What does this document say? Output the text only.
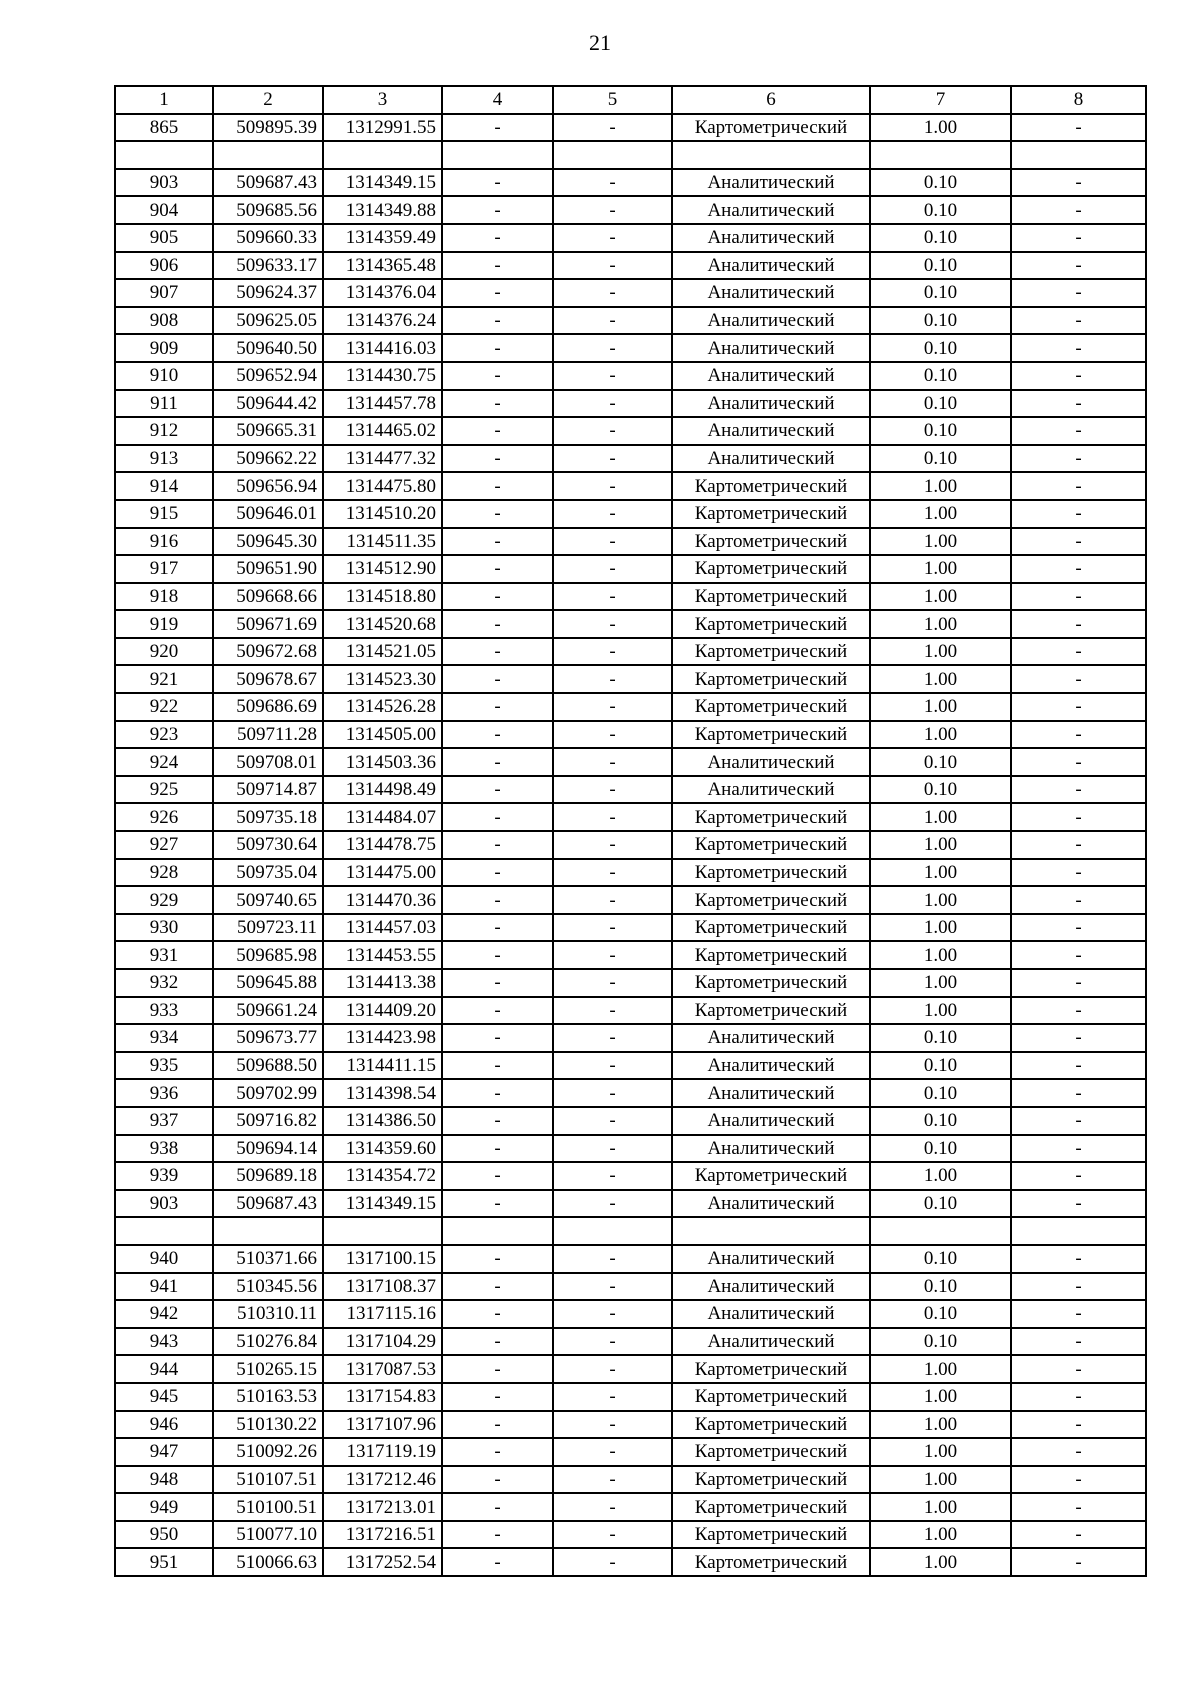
21
1	2	3	4	5	6	7	8
865	509895.39	1312991.55	-	-	Картометрический	1.00	-

903	509687.43	1314349.15	-	-	Аналитический	0.10	-
904	509685.56	1314349.88	-	-	Аналитический	0.10	-
905	509660.33	1314359.49	-	-	Аналитический	0.10	-
906	509633.17	1314365.48	-	-	Аналитический	0.10	-
907	509624.37	1314376.04	-	-	Аналитический	0.10	-
908	509625.05	1314376.24	-	-	Аналитический	0.10	-
909	509640.50	1314416.03	-	-	Аналитический	0.10	-
910	509652.94	1314430.75	-	-	Аналитический	0.10	-
911	509644.42	1314457.78	-	-	Аналитический	0.10	-
912	509665.31	1314465.02	-	-	Аналитический	0.10	-
913	509662.22	1314477.32	-	-	Аналитический	0.10	-
914	509656.94	1314475.80	-	-	Картометрический	1.00	-
915	509646.01	1314510.20	-	-	Картометрический	1.00	-
916	509645.30	1314511.35	-	-	Картометрический	1.00	-
917	509651.90	1314512.90	-	-	Картометрический	1.00	-
918	509668.66	1314518.80	-	-	Картометрический	1.00	-
919	509671.69	1314520.68	-	-	Картометрический	1.00	-
920	509672.68	1314521.05	-	-	Картометрический	1.00	-
921	509678.67	1314523.30	-	-	Картометрический	1.00	-
922	509686.69	1314526.28	-	-	Картометрический	1.00	-
923	509711.28	1314505.00	-	-	Картометрический	1.00	-
924	509708.01	1314503.36	-	-	Аналитический	0.10	-
925	509714.87	1314498.49	-	-	Аналитический	0.10	-
926	509735.18	1314484.07	-	-	Картометрический	1.00	-
927	509730.64	1314478.75	-	-	Картометрический	1.00	-
928	509735.04	1314475.00	-	-	Картометрический	1.00	-
929	509740.65	1314470.36	-	-	Картометрический	1.00	-
930	509723.11	1314457.03	-	-	Картометрический	1.00	-
931	509685.98	1314453.55	-	-	Картометрический	1.00	-
932	509645.88	1314413.38	-	-	Картометрический	1.00	-
933	509661.24	1314409.20	-	-	Картометрический	1.00	-
934	509673.77	1314423.98	-	-	Аналитический	0.10	-
935	509688.50	1314411.15	-	-	Аналитический	0.10	-
936	509702.99	1314398.54	-	-	Аналитический	0.10	-
937	509716.82	1314386.50	-	-	Аналитический	0.10	-
938	509694.14	1314359.60	-	-	Аналитический	0.10	-
939	509689.18	1314354.72	-	-	Картометрический	1.00	-
903	509687.43	1314349.15	-	-	Аналитический	0.10	-

940	510371.66	1317100.15	-	-	Аналитический	0.10	-
941	510345.56	1317108.37	-	-	Аналитический	0.10	-
942	510310.11	1317115.16	-	-	Аналитический	0.10	-
943	510276.84	1317104.29	-	-	Аналитический	0.10	-
944	510265.15	1317087.53	-	-	Картометрический	1.00	-
945	510163.53	1317154.83	-	-	Картометрический	1.00	-
946	510130.22	1317107.96	-	-	Картометрический	1.00	-
947	510092.26	1317119.19	-	-	Картометрический	1.00	-
948	510107.51	1317212.46	-	-	Картометрический	1.00	-
949	510100.51	1317213.01	-	-	Картометрический	1.00	-
950	510077.10	1317216.51	-	-	Картометрический	1.00	-
951	510066.63	1317252.54	-	-	Картометрический	1.00	-
